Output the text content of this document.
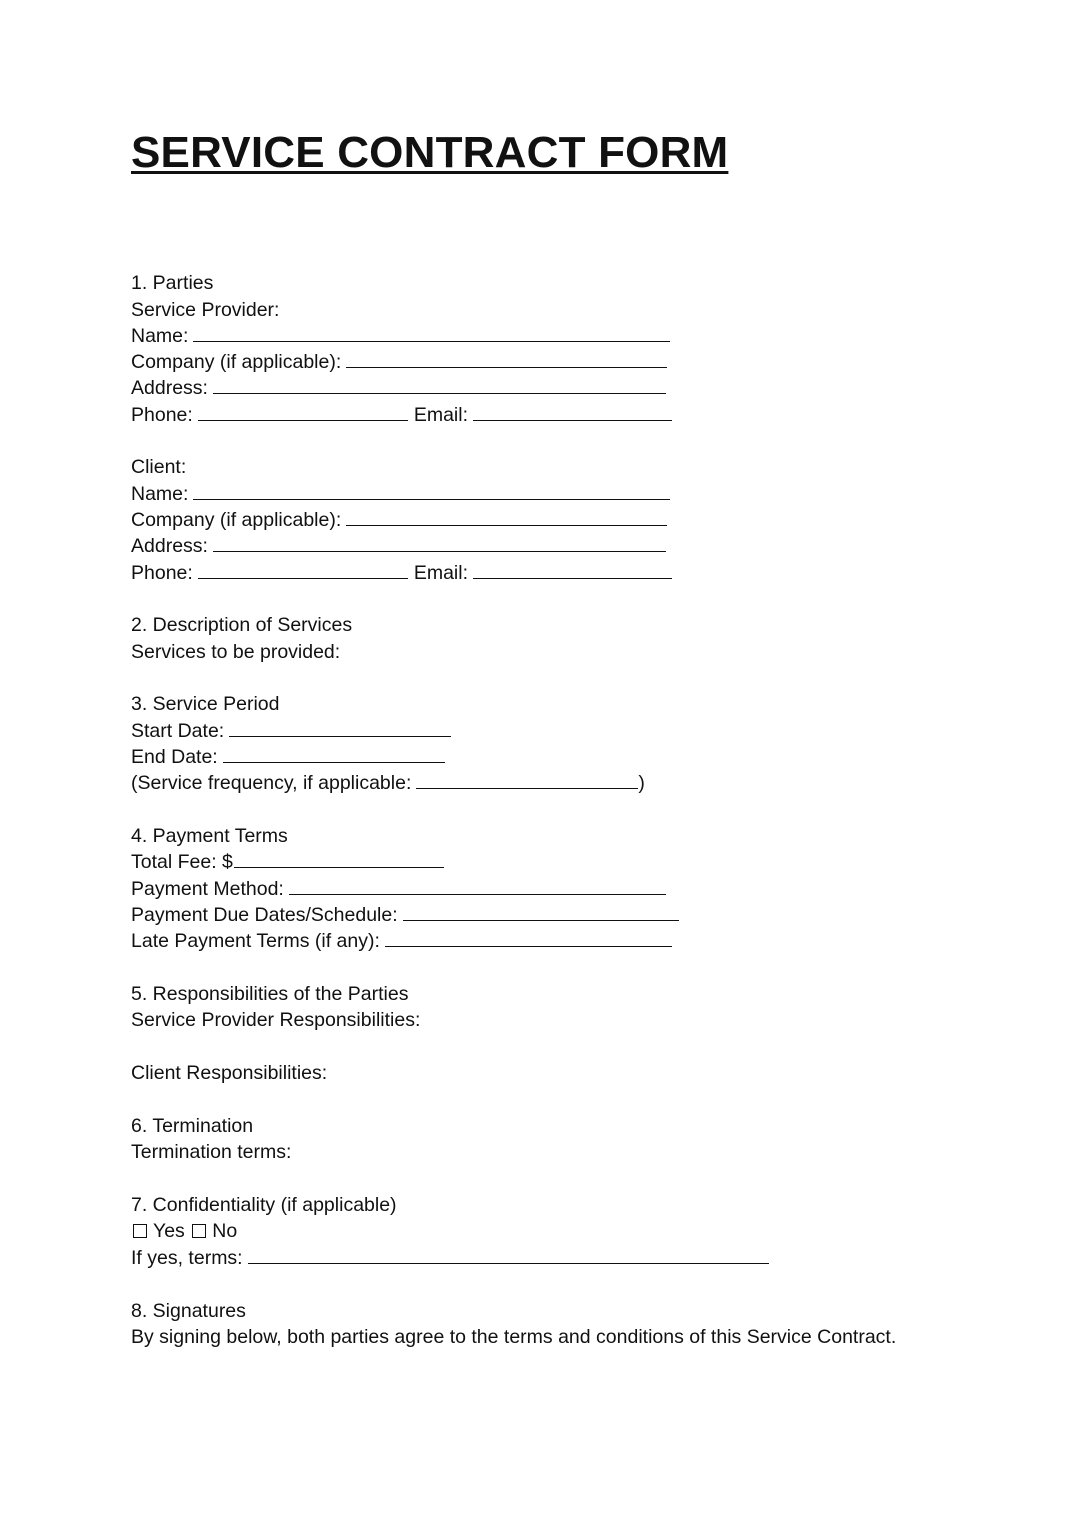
SERVICE CONTRACT FORM
1. Parties
Service Provider:
Name:
Company (if applicable):
Address:
Phone:	Email:
Client:
Name:
Company (if applicable):
Address:
Phone:	Email:
2. Description of Services
Services to be provided:
3. Service Period
Start Date:
End Date:
(Service frequency, if applicable:	)
4. Payment Terms
Total Fee: $
Payment Method:
Payment Due Dates/Schedule:
Late Payment Terms (if any):
5. Responsibilities of the Parties
Service Provider Responsibilities:
Client Responsibilities:
6. Termination
Termination terms:
7. Confidentiality (if applicable)
Yes No
If yes, terms:
8. Signatures
By signing below, both parties agree to the terms and conditions of this Service Contract.
